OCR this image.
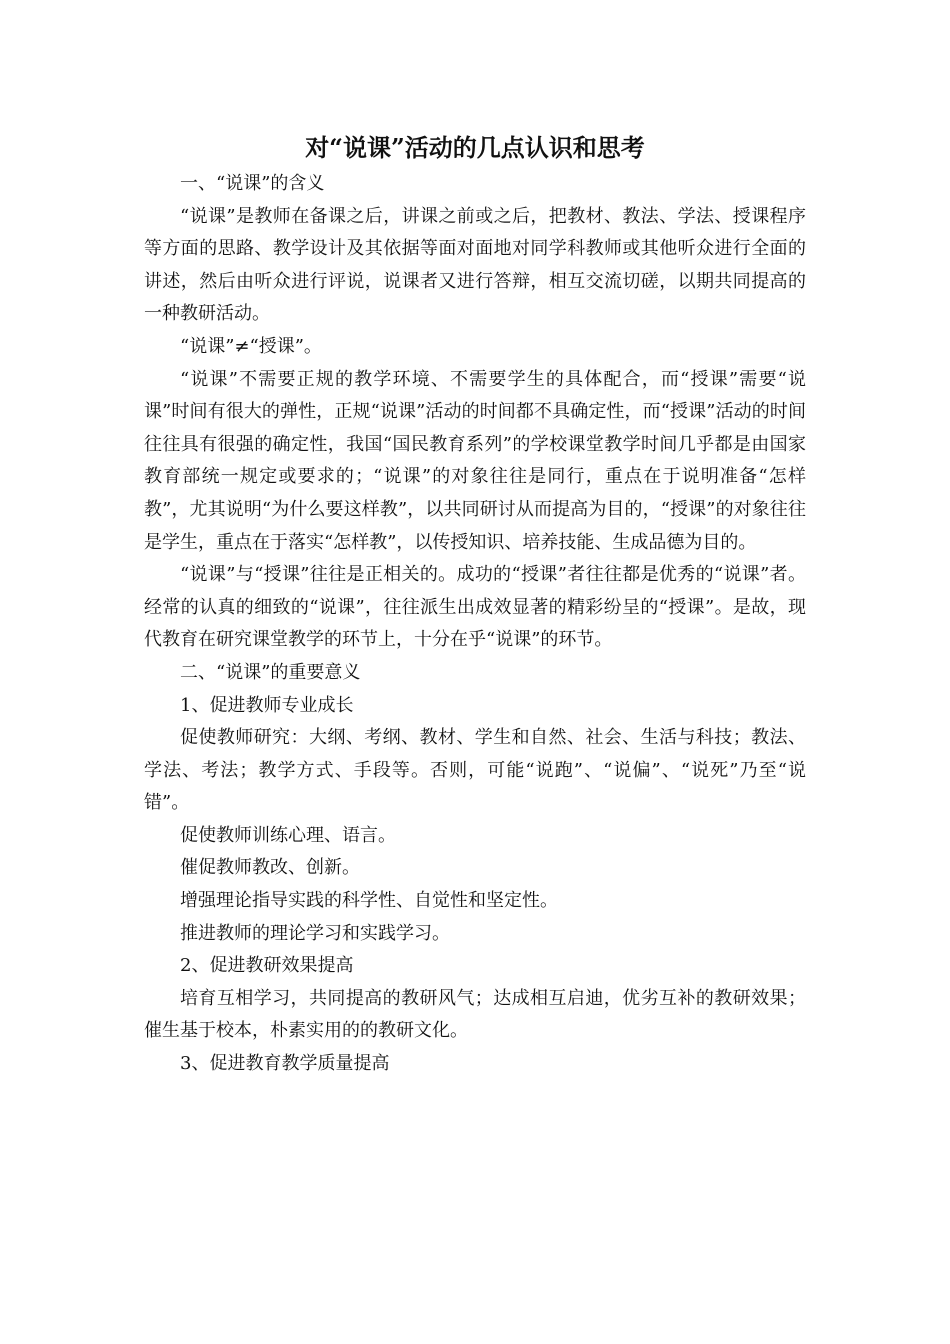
对“说课”活动的几点认识和思考

一、“说课”的含义

“说课”是教师在备课之后，讲课之前或之后，把教材、教法、学法、授课程序等方面的思路、教学设计及其依据等面对面地对同学科教师或其他听众进行全面的讲述，然后由听众进行评说，说课者又进行答辩，相互交流切磋，以期共同提高的一种教研活动。

“说课”≠“授课”。

“说课”不需要正规的教学环境、不需要学生的具体配合，而“授课”需要“说课”时间有很大的弹性，正规“说课”活动的时间都不具确定性，而“授课”活动的时间往往具有很强的确定性，我国“国民教育系列”的学校课堂教学时间几乎都是由国家教育部统一规定或要求的；“说课”的对象往往是同行，重点在于说明准备“怎样教”，尤其说明“为什么要这样教”，以共同研讨从而提高为目的，“授课”的对象往往是学生，重点在于落实“怎样教”，以传授知识、培养技能、生成品德为目的。

“说课”与“授课”往往是正相关的。成功的“授课”者往往都是优秀的“说课”者。经常的认真的细致的“说课”，往往派生出成效显著的精彩纷呈的“授课”。是故，现代教育在研究课堂教学的环节上，十分在乎“说课”的环节。

二、“说课”的重要意义

1、促进教师专业成长

促使教师研究：大纲、考纲、教材、学生和自然、社会、生活与科技；教法、学法、考法；教学方式、手段等。否则，可能“说跑”、“说偏”、“说死”乃至“说错”。

促使教师训练心理、语言。

催促教师教改、创新。

增强理论指导实践的科学性、自觉性和坚定性。

推进教师的理论学习和实践学习。

2、促进教研效果提高

培育互相学习，共同提高的教研风气；达成相互启迪，优劣互补的教研效果；催生基于校本，朴素实用的的教研文化。

3、促进教育教学质量提高
